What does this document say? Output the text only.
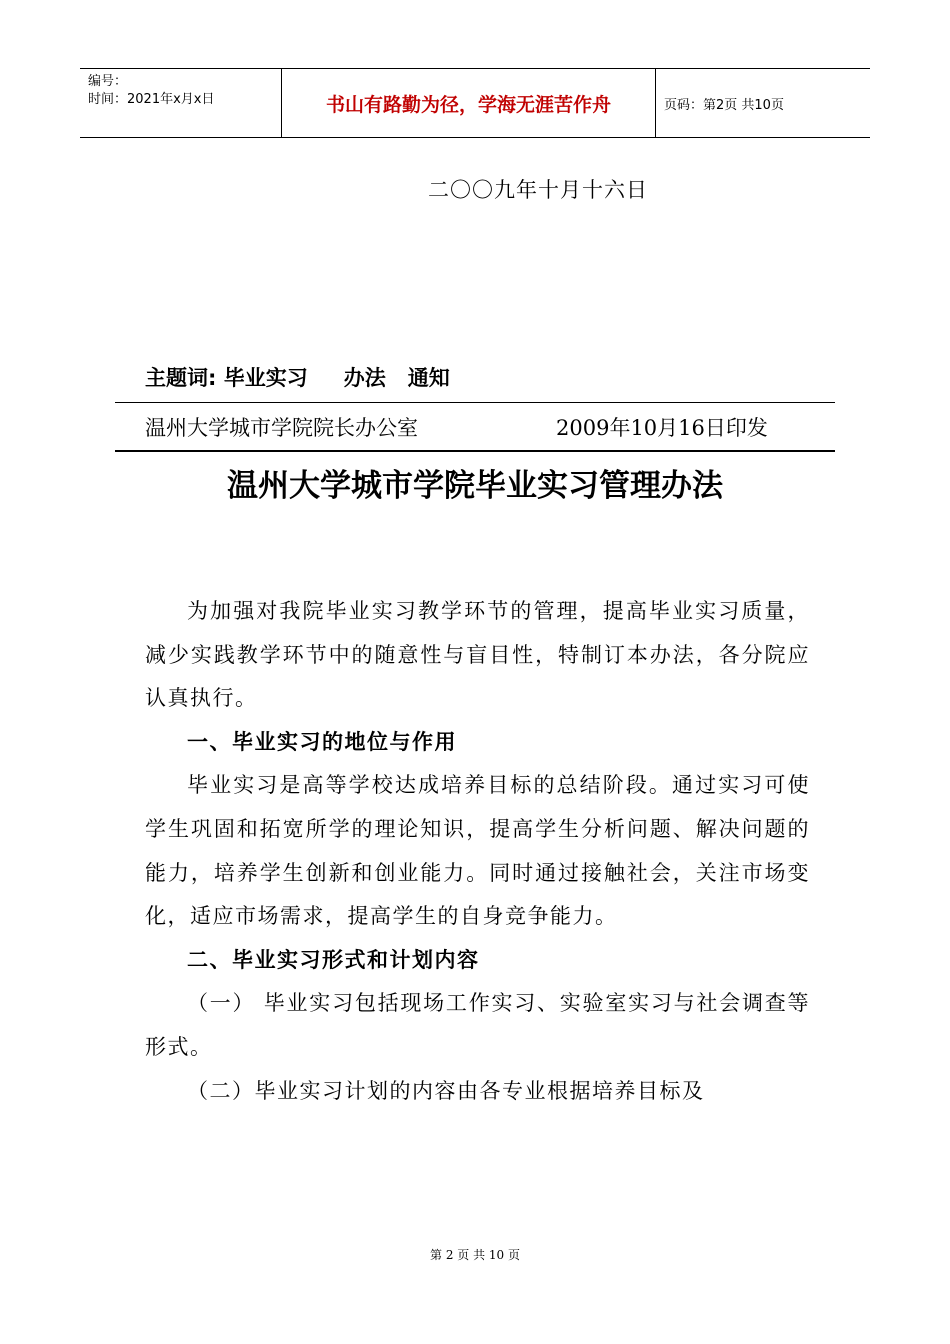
编号：
时间：2021年x月x日	书山有路勤为径，学海无涯苦作舟	页码：第2页 共10页
二〇〇九年十月十六日
主题词: 毕业实习 办法 通知
温州大学城市学院院长办公室	2009年10月16日印发
温州大学城市学院毕业实习管理办法

为加强对我院毕业实习教学环节的管理，提高毕业实习质量，减少实践教学环节中的随意性与盲目性，特制订本办法，各分院应认真执行。

一、毕业实习的地位与作用

毕业实习是高等学校达成培养目标的总结阶段。通过实习可使学生巩固和拓宽所学的理论知识，提高学生分析问题、解决问题的能力，培养学生创新和创业能力。同时通过接触社会，关注市场变化，适应市场需求，提高学生的自身竞争能力。

二、毕业实习形式和计划内容

（一） 毕业实习包括现场工作实习、实验室实习与社会调查等形式。

（二）毕业实习计划的内容由各专业根据培养目标及

第 2 页 共 10 页
